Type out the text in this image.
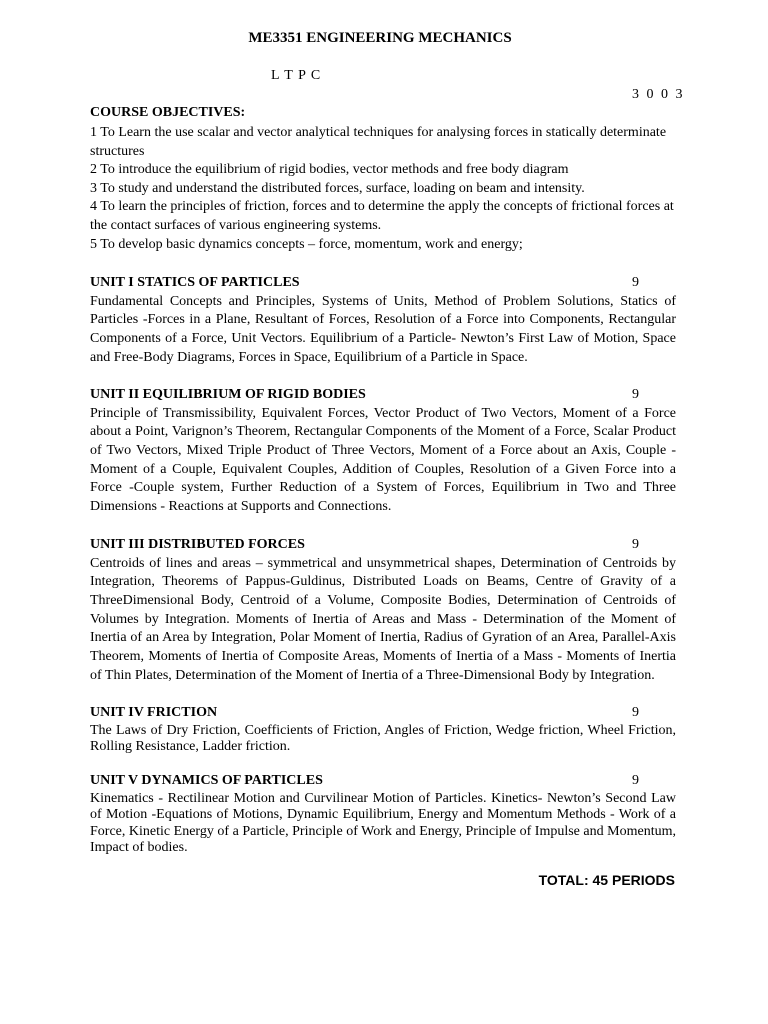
ME3351 ENGINEERING MECHANICS
L T P C
3 0 0 3
COURSE OBJECTIVES:
1 To Learn the use scalar and vector analytical techniques for analysing forces in statically determinate structures
2 To introduce the equilibrium of rigid bodies, vector methods and free body diagram
3 To study and understand the distributed forces, surface, loading on beam and intensity.
4 To learn the principles of friction, forces and to determine the apply the concepts of frictional forces at the contact surfaces of various engineering systems.
5 To develop basic dynamics concepts – force, momentum, work and energy;
UNIT I STATICS OF PARTICLES	9
Fundamental Concepts and Principles, Systems of Units, Method of Problem Solutions, Statics of Particles -Forces in a Plane, Resultant of Forces, Resolution of a Force into Components, Rectangular Components of a Force, Unit Vectors. Equilibrium of a Particle- Newton’s First Law of Motion, Space and Free-Body Diagrams, Forces in Space, Equilibrium of a Particle in Space.
UNIT II EQUILIBRIUM OF RIGID BODIES	9
Principle of Transmissibility, Equivalent Forces, Vector Product of Two Vectors, Moment of a Force about a Point, Varignon’s Theorem, Rectangular Components of the Moment of a Force, Scalar Product of Two Vectors, Mixed Triple Product of Three Vectors, Moment of a Force about an Axis, Couple - Moment of a Couple, Equivalent Couples, Addition of Couples, Resolution of a Given Force into a Force -Couple system, Further Reduction of a System of Forces, Equilibrium in Two and Three Dimensions - Reactions at Supports and Connections.
UNIT III DISTRIBUTED FORCES	9
Centroids of lines and areas – symmetrical and unsymmetrical shapes, Determination of Centroids by Integration, Theorems of Pappus-Guldinus, Distributed Loads on Beams, Centre of Gravity of a ThreeDimensional Body, Centroid of a Volume, Composite Bodies, Determination of Centroids of Volumes by Integration. Moments of Inertia of Areas and Mass - Determination of the Moment of Inertia of an Area by Integration, Polar Moment of Inertia, Radius of Gyration of an Area, Parallel-Axis Theorem, Moments of Inertia of Composite Areas, Moments of Inertia of a Mass - Moments of Inertia of Thin Plates, Determination of the Moment of Inertia of a Three-Dimensional Body by Integration.
UNIT IV FRICTION	9
The Laws of Dry Friction, Coefficients of Friction, Angles of Friction, Wedge friction, Wheel Friction, Rolling Resistance, Ladder friction.
UNIT V DYNAMICS OF PARTICLES	9
Kinematics - Rectilinear Motion and Curvilinear Motion of Particles. Kinetics- Newton’s Second Law of Motion -Equations of Motions, Dynamic Equilibrium, Energy and Momentum Methods - Work of a Force, Kinetic Energy of a Particle, Principle of Work and Energy, Principle of Impulse and Momentum, Impact of bodies.
TOTAL: 45 PERIODS
